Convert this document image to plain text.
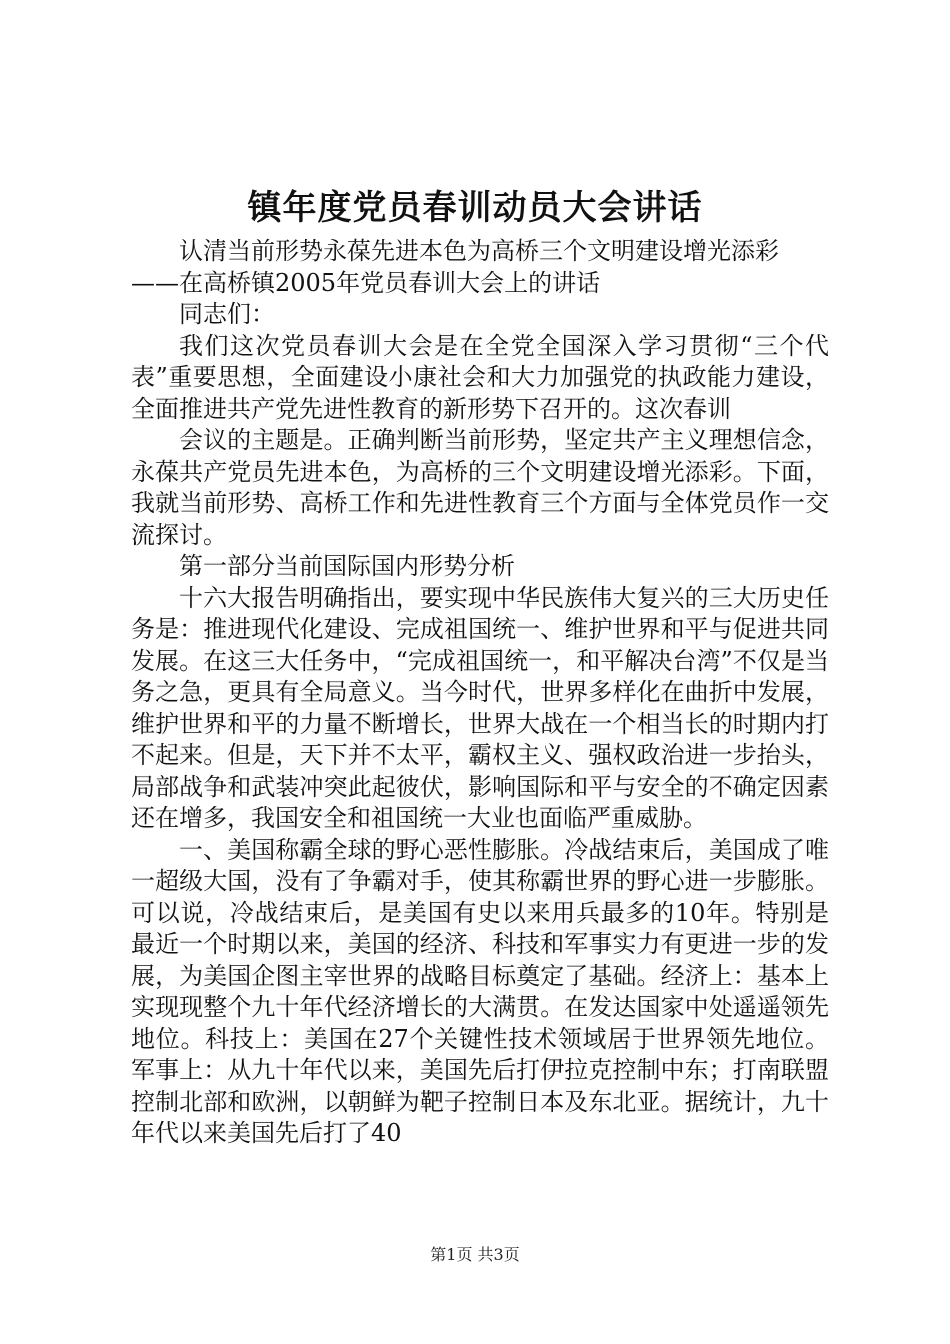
镇年度党员春训动员大会讲话

认清当前形势永葆先进本色为高桥三个文明建设增光添彩

——在高桥镇2005年党员春训大会上的讲话

同志们：

我们这次党员春训大会是在全党全国深入学习贯彻“三个代表”重要思想，全面建设小康社会和大力加强党的执政能力建设，全面推进共产党先进性教育的新形势下召开的。这次春训

会议的主题是。正确判断当前形势，坚定共产主义理想信念，永葆共产党员先进本色，为高桥的三个文明建设增光添彩。下面，我就当前形势、高桥工作和先进性教育三个方面与全体党员作一交流探讨。

第一部分当前国际国内形势分析

十六大报告明确指出，要实现中华民族伟大复兴的三大历史任务是：推进现代化建设、完成祖国统一、维护世界和平与促进共同发展。在这三大任务中，“完成祖国统一，和平解决台湾”不仅是当务之急，更具有全局意义。当今时代，世界多样化在曲折中发展，维护世界和平的力量不断增长，世界大战在一个相当长的时期内打不起来。但是，天下并不太平，霸权主义、强权政治进一步抬头，局部战争和武装冲突此起彼伏，影响国际和平与安全的不确定因素还在增多，我国安全和祖国统一大业也面临严重威胁。

一、美国称霸全球的野心恶性膨胀。冷战结束后，美国成了唯一超级大国，没有了争霸对手，使其称霸世界的野心进一步膨胀。可以说，冷战结束后，是美国有史以来用兵最多的10年。特别是最近一个时期以来，美国的经济、科技和军事实力有更进一步的发展，为美国企图主宰世界的战略目标奠定了基础。经济上：基本上实现现整个九十年代经济增长的大满贯。在发达国家中处遥遥领先地位。科技上：美国在27个关键性技术领域居于世界领先地位。军事上：从九十年代以来，美国先后打伊拉克控制中东；打南联盟控制北部和欧洲，以朝鲜为靶子控制日本及东北亚。据统计，九十年代以来美国先后打了40

第1页 共3页
